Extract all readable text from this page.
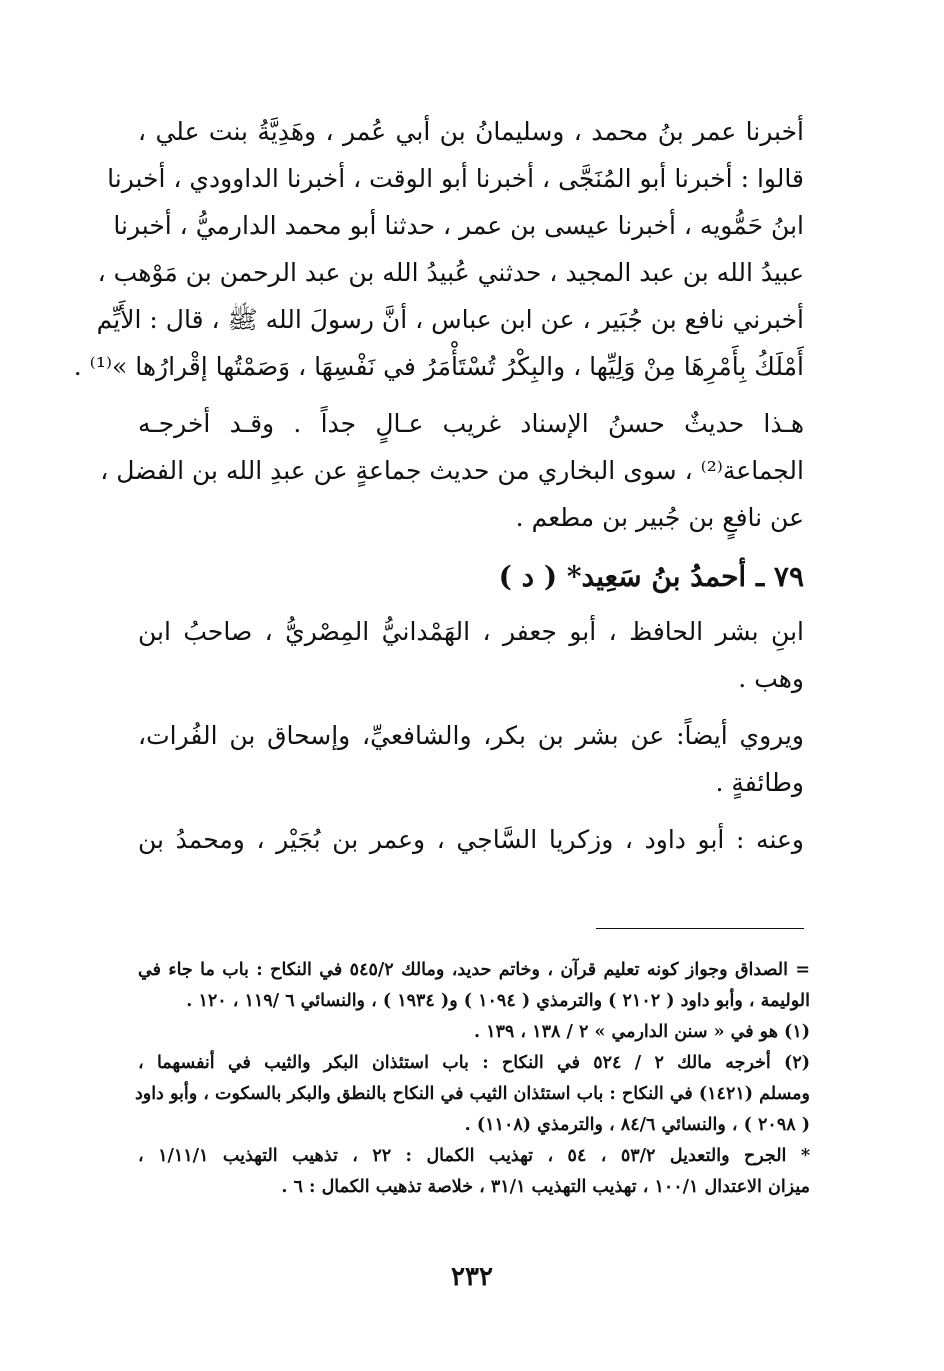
أخبرنا عمر بنُ محمد ، وسليمانُ بن أبي عُمر ، وهَدِيَّةُ بنت علي ،
قالوا : أخبرنا أبو المُنَجَّى ، أخبرنا أبو الوقت ، أخبرنا الداوودي ، أخبرنا
ابنُ حَمُّويه ، أخبرنا عيسى بن عمر ، حدثنا أبو محمد الدارميُّ ، أخبرنا
عبيدُ الله بن عبد المجيد ، حدثني عُبيدُ الله بن عبد الرحمن بن مَوْهب ،
أخبرني نافع بن جُبَير ، عن ابن عباس ، أنَّ رسولَ الله ﷺ ، قال : الأَيِّم
أَمْلَكُ بِأَمْرِهَا مِنْ وَلِيِّها ، والبِكْرُ تُسْتَأْمَرُ في نَفْسِهَا ، وَصَمْتُها إقْرارُها »⁽¹⁾ .

هـذا حديثٌ حسنُ الإسناد غريب عـالٍ جداً . وقـد أخرجـه
الجماعة⁽²⁾ ، سوى البخاري من حديث جماعةٍ عن عبدِ الله بن الفضل ،
عن نافعٍ بن جُبير بن مطعم .

٧٩ ـ أحمدُ بنُ سَعِيد* ( د )

ابنِ بشر الحافظ ، أبو جعفر ، الهَمْدانيُّ المِصْريُّ ، صاحبُ ابن
وهب .

ويروي أيضاً: عن بشر بن بكر، والشافعيِّ، وإسحاق بن الفُرات،
وطائفةٍ .

وعنه : أبو داود ، وزكريا السَّاجي ، وعمر بن بُجَيْر ، ومحمدُ بن

= الصداق وجواز كونه تعليم قرآن ، وخاتم حديد، ومالك ٥٤٥/٢ في النكاح : باب ما جاء في
الوليمة ، وأبو داود ( ٢١٠٢ ) والترمذي ( ١٠٩٤ ) و( ١٩٣٤ ) ، والنسائي ٦ /١١٩ ، ١٢٠ .
(١) هو في « سنن الدارمي » ٢ / ١٣٨ ، ١٣٩ .
(٢) أخرجه مالك ٢ / ٥٢٤ في النكاح : باب استئذان البكر والثيب في أنفسهما ،
ومسلم (١٤٢١) في النكاح : باب استئذان الثيب في النكاح بالنطق والبكر بالسكوت ، وأبو داود
( ٢٠٩٨ ) ، والنسائي ٨٤/٦ ، والترمذي (١١٠٨) .
* الجرح والتعديل ٥٣/٢ ، ٥٤ ، تهذيب الكمال : ٢٢ ، تذهيب التهذيب ١/١١/١ ،
ميزان الاعتدال ١٠٠/١ ، تهذيب التهذيب ٣١/١ ، خلاصة تذهيب الكمال : ٦ .
٢٣٢
